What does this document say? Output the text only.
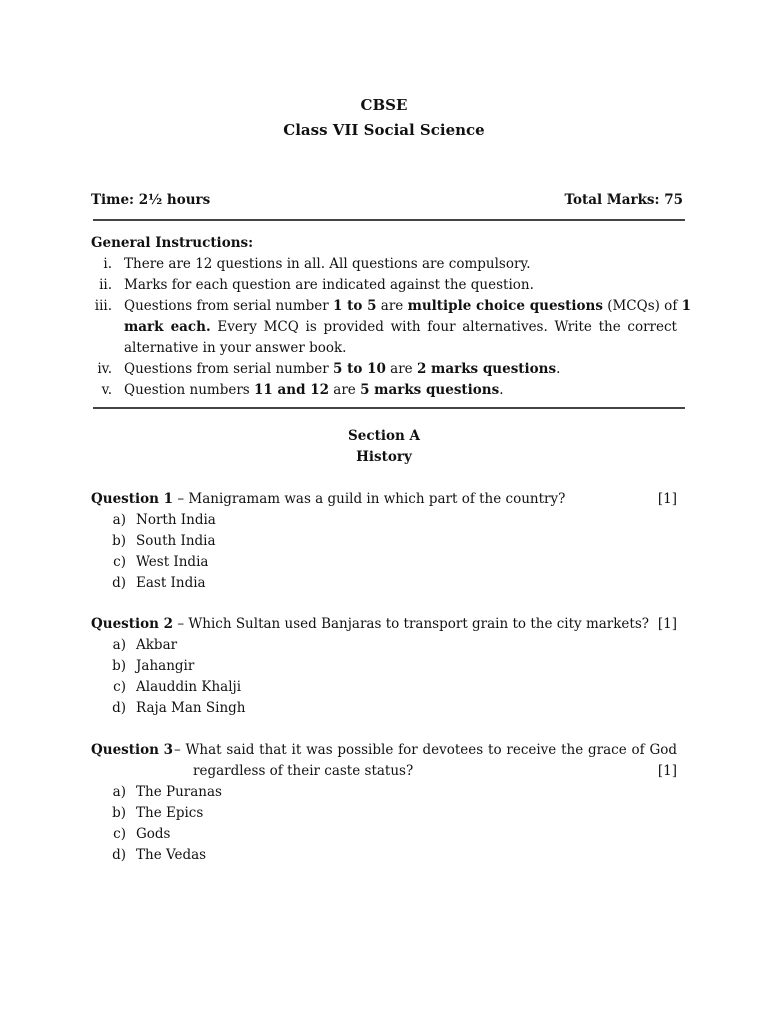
CBSE
Class VII Social Science
Time: 2½ hours	Total Marks: 75
General Instructions:
i. There are 12 questions in all. All questions are compulsory.
ii. Marks for each question are indicated against the question.
iii. Questions from serial number 1 to 5 are multiple choice questions (MCQs) of 1
mark each. Every MCQ is provided with four alternatives. Write the correct
alternative in your answer book.
iv. Questions from serial number 5 to 10 are 2 marks questions.
v. Question numbers 11 and 12 are 5 marks questions.
Section A
History
Question 1 – Manigramam was a guild in which part of the country?	[1]
a) North India
b) South India
c) West India
d) East India
Question 2 – Which Sultan used Banjaras to transport grain to the city markets? [1]
a) Akbar
b) Jahangir
c) Alauddin Khalji
d) Raja Man Singh
Question 3 – What said that it was possible for devotees to receive the grace of God
regardless of their caste status?	[1]
a) The Puranas
b) The Epics
c) Gods
d) The Vedas
